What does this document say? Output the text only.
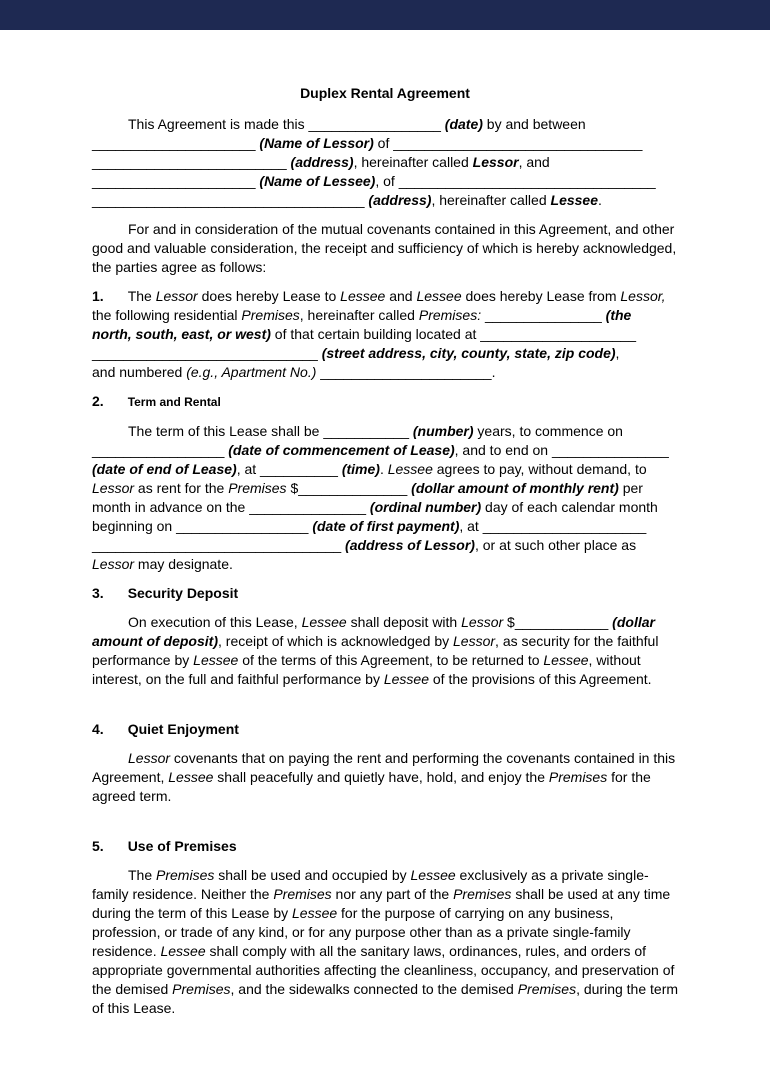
Duplex Rental Agreement
This Agreement is made this _________________ (date) by and between
_____________________ (Name of Lessor) of ________________________________
_________________________ (address), hereinafter called Lessor, and
_____________________ (Name of Lessee), of _________________________________
___________________________________ (address), hereinafter called Lessee.
For and in consideration of the mutual covenants contained in this Agreement, and other good and valuable consideration, the receipt and sufficiency of which is hereby acknowledged, the parties agree as follows:
1. The Lessor does hereby Lease to Lessee and Lessee does hereby Lease from Lessor,
the following residential Premises, hereinafter called Premises: _______________ (the
north, south, east, or west) of that certain building located at ____________________
_____________________________ (street address, city, county, state, zip code),
and numbered (e.g., Apartment No.) ______________________.
2. Term and Rental
The term of this Lease shall be ___________ (number) years, to commence on
_________________ (date of commencement of Lease), and to end on _______________
(date of end of Lease), at __________ (time). Lessee agrees to pay, without demand, to
Lessor as rent for the Premises $______________ (dollar amount of monthly rent) per
month in advance on the _______________ (ordinal number) day of each calendar month
beginning on _________________ (date of first payment), at _____________________
________________________________ (address of Lessor), or at such other place as
Lessor may designate.
3. Security Deposit
On execution of this Lease, Lessee shall deposit with Lessor $____________ (dollar amount of deposit), receipt of which is acknowledged by Lessor, as security for the faithful performance by Lessee of the terms of this Agreement, to be returned to Lessee, without interest, on the full and faithful performance by Lessee of the provisions of this Agreement.
4. Quiet Enjoyment
Lessor covenants that on paying the rent and performing the covenants contained in this Agreement, Lessee shall peacefully and quietly have, hold, and enjoy the Premises for the agreed term.
5. Use of Premises
The Premises shall be used and occupied by Lessee exclusively as a private single-family residence. Neither the Premises nor any part of the Premises shall be used at any time during the term of this Lease by Lessee for the purpose of carrying on any business, profession, or trade of any kind, or for any purpose other than as a private single-family residence. Lessee shall comply with all the sanitary laws, ordinances, rules, and orders of appropriate governmental authorities affecting the cleanliness, occupancy, and preservation of the demised Premises, and the sidewalks connected to the demised Premises, during the term of this Lease.
